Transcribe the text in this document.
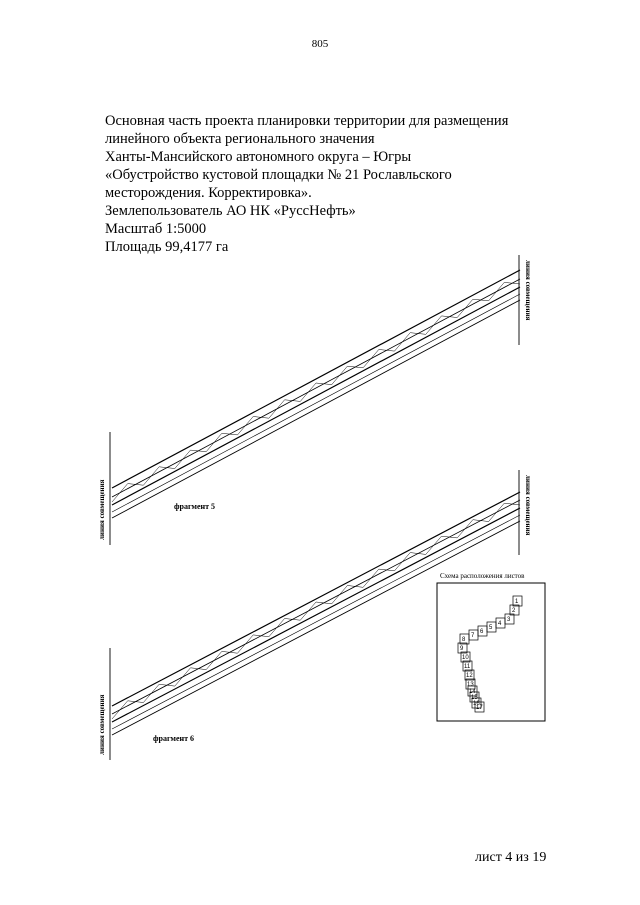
805
Основная часть проекта планировки территории для размещения
линейного объекта регионального значения
Ханты-Мансийского автономного округа – Югры
«Обустройство кустовой площадки № 21 Рославльского
месторождения. Корректировка».
Землепользователь АО НК «РуссНефть»
Масштаб 1:5000
Площадь 99,4177 га
линия совмещения
линия совмещения
линия совмещения
линия совмещения
фрагмент 5
фрагмент 6
Схема расположения листов
1
2
3
4
5
6
7
8
9
10
11
12
13
14
15
16
17
лист 4 из 19
